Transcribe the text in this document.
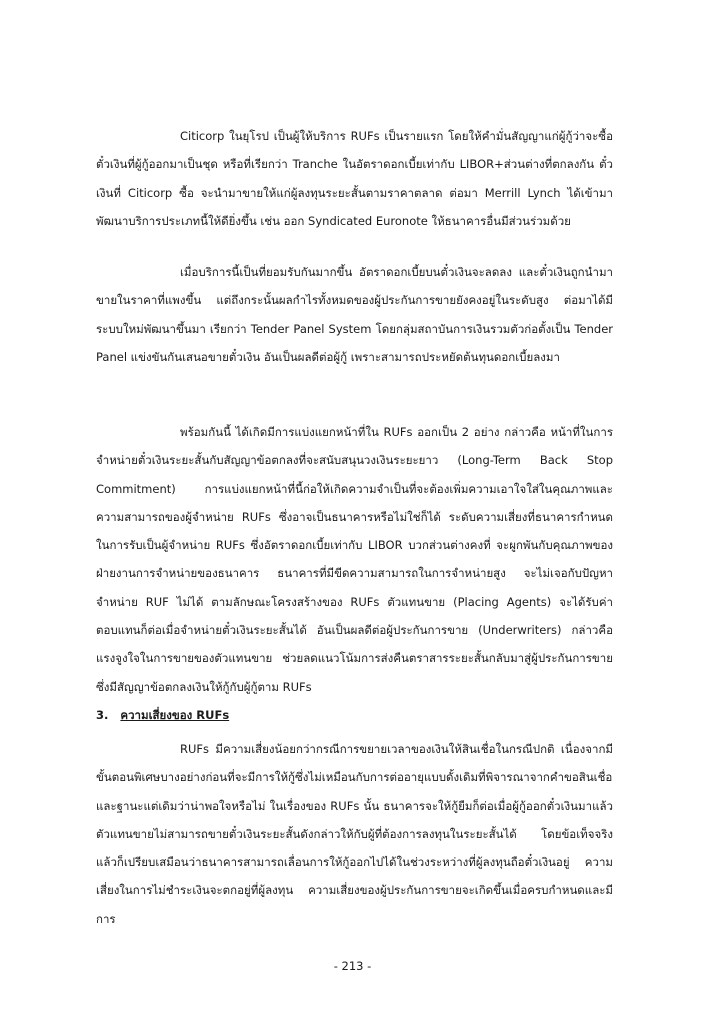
Citicorp ในยุโรป เป็นผู้ให้บริการ RUFs เป็นรายแรก โดยให้คำมั่นสัญญาแก่ผู้กู้ว่าจะซื้อตั๋วเงินที่ผู้กู้ออกมาเป็นชุด หรือที่เรียกว่า Tranche ในอัตราดอกเบี้ยเท่ากับ LIBOR+ส่วนต่างที่ตกลงกัน ตั๋วเงินที่ Citicorp ซื้อ จะนำมาขายให้แก่ผู้ลงทุนระยะสั้นตามราคาตลาด ต่อมา Merrill Lynch ได้เข้ามาพัฒนาบริการประเภทนี้ให้ดียิ่งขึ้น เช่น ออก Syndicated Euronote ให้ธนาคารอื่นมีส่วนร่วมด้วย

เมื่อบริการนี้เป็นที่ยอมรับกันมากขึ้น อัตราดอกเบี้ยบนตั๋วเงินจะลดลง และตั๋วเงินถูกนำมาขายในราคาที่แพงขึ้น แต่ถึงกระนั้นผลกำไรทั้งหมดของผู้ประกันการขายยังคงอยู่ในระดับสูง ต่อมาได้มีระบบใหม่พัฒนาขึ้นมา เรียกว่า Tender Panel System โดยกลุ่มสถาบันการเงินรวมตัวก่อตั้งเป็น Tender Panel แข่งขันกันเสนอขายตั๋วเงิน อันเป็นผลดีต่อผู้กู้ เพราะสามารถประหยัดต้นทุนดอกเบี้ยลงมา

พร้อมกันนี้ ได้เกิดมีการแบ่งแยกหน้าที่ใน RUFs ออกเป็น 2 อย่าง กล่าวคือ หน้าที่ในการจำหน่ายตั๋วเงินระยะสั้นกับสัญญาข้อตกลงที่จะสนับสนุนวงเงินระยะยาว (Long-Term Back Stop Commitment) การแบ่งแยกหน้าที่นี้ก่อให้เกิดความจำเป็นที่จะต้องเพิ่มความเอาใจใส่ในคุณภาพและความสามารถของผู้จำหน่าย RUFs ซึ่งอาจเป็นธนาคารหรือไม่ใช่ก็ได้ ระดับความเสี่ยงที่ธนาคารกำหนดในการรับเป็นผู้จำหน่าย RUFs ซึ่งอัตราดอกเบี้ยเท่ากับ LIBOR บวกส่วนต่างคงที่ จะผูกพันกับคุณภาพของฝ่ายงานการจำหน่ายของธนาคาร ธนาคารที่มีขีดความสามารถในการจำหน่ายสูง จะไม่เจอกับปัญหาจำหน่าย RUF ไม่ได้ ตามลักษณะโครงสร้างของ RUFs ตัวแทนขาย (Placing Agents) จะได้รับค่าตอบแทนก็ต่อเมื่อจำหน่ายตั๋วเงินระยะสั้นได้ อันเป็นผลดีต่อผู้ประกันการขาย (Underwriters) กล่าวคือ แรงจูงใจในการขายของตัวแทนขาย ช่วยลดแนวโน้มการส่งคืนตราสารระยะสั้นกลับมาสู่ผู้ประกันการขาย ซึ่งมีสัญญาข้อตกลงเงินให้กู้กับผู้กู้ตาม RUFs

3. ความเสี่ยงของ RUFs

RUFs มีความเสี่ยงน้อยกว่ากรณีการขยายเวลาของเงินให้สินเชื่อในกรณีปกติ เนื่องจากมีขั้นตอนพิเศษบางอย่างก่อนที่จะมีการให้กู้ซึ่งไม่เหมือนกับการต่ออายุแบบดั้งเดิมที่พิจารณาจากคำขอสินเชื่อและฐานะแต่เดิมว่าน่าพอใจหรือไม่ ในเรื่องของ RUFs นั้น ธนาคารจะให้กู้ยืมก็ต่อเมื่อผู้กู้ออกตั๋วเงินมาแล้วตัวแทนขายไม่สามารถขายตั๋วเงินระยะสั้นดังกล่าวให้กับผู้ที่ต้องการลงทุนในระยะสั้นได้ โดยข้อเท็จจริงแล้วก็เปรียบเสมือนว่าธนาคารสามารถเลื่อนการให้กู้ออกไปได้ในช่วงระหว่างที่ผู้ลงทุนถือตั๋วเงินอยู่ ความเสี่ยงในการไม่ชำระเงินจะตกอยู่ที่ผู้ลงทุน ความเสี่ยงของผู้ประกันการขายจะเกิดขึ้นเมื่อครบกำหนดและมีการ

- 213 -
